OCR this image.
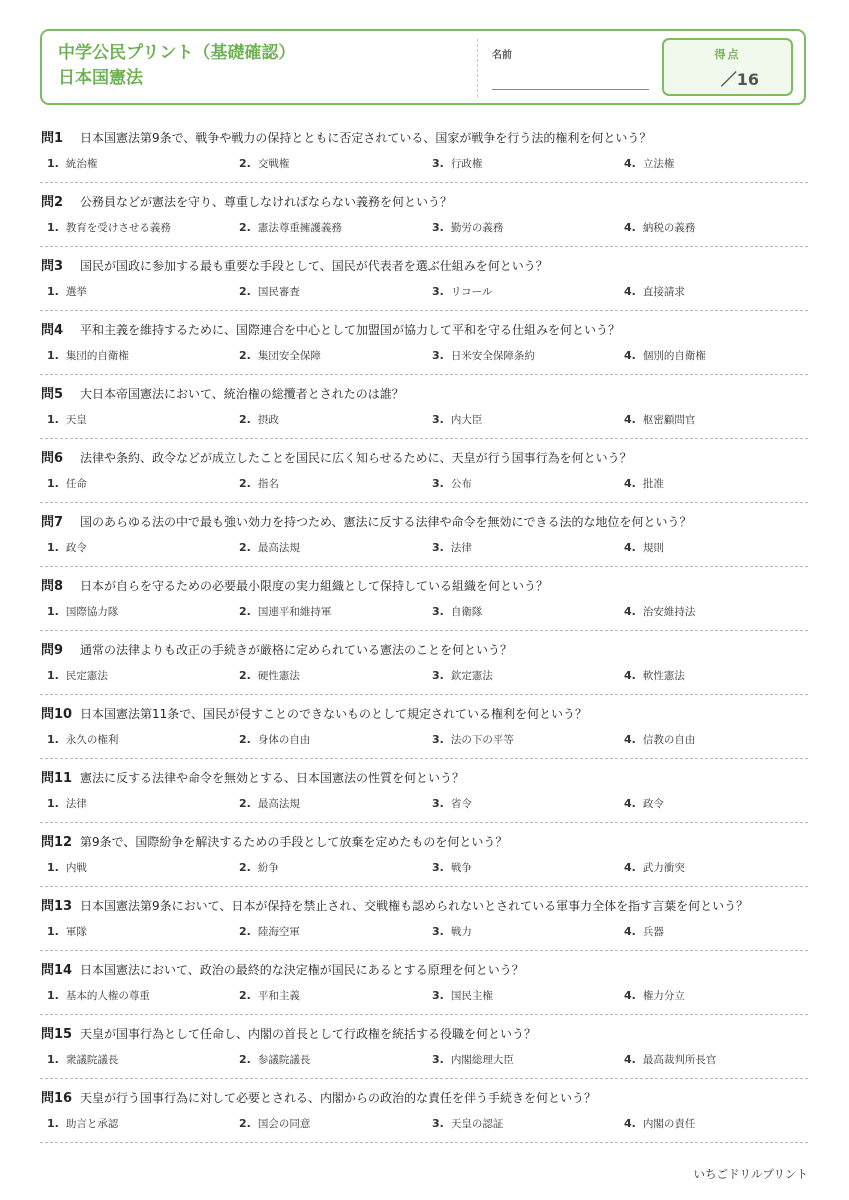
中学公民プリント（基礎確認）
日本国憲法
名前	得点
／16
問1 日本国憲法第9条で、戦争や戦力の保持とともに否定されている、国家が戦争を行う法的権利を何という？
1. 統治権	2. 交戦権	3. 行政権	4. 立法権
問2 公務員などが憲法を守り、尊重しなければならない義務を何という？
1. 教育を受けさせる義務	2. 憲法尊重擁護義務	3. 勤労の義務	4. 納税の義務
問3 国民が国政に参加する最も重要な手段として、国民が代表者を選ぶ仕組みを何という？
1. 選挙	2. 国民審査	3. リコール	4. 直接請求
問4 平和主義を維持するために、国際連合を中心として加盟国が協力して平和を守る仕組みを何という？
1. 集団的自衛権	2. 集団安全保障	3. 日米安全保障条約	4. 個別的自衛権
問5 大日本帝国憲法において、統治権の総攬者とされたのは誰？
1. 天皇	2. 摂政	3. 内大臣	4. 枢密顧問官
問6 法律や条約、政令などが成立したことを国民に広く知らせるために、天皇が行う国事行為を何という？
1. 任命	2. 指名	3. 公布	4. 批准
問7 国のあらゆる法の中で最も強い効力を持つため、憲法に反する法律や命令を無効にできる法的な地位を何という？
1. 政令	2. 最高法規	3. 法律	4. 規則
問8 日本が自らを守るための必要最小限度の実力組織として保持している組織を何という？
1. 国際協力隊	2. 国連平和維持軍	3. 自衛隊	4. 治安維持法
問9 通常の法律よりも改正の手続きが厳格に定められている憲法のことを何という？
1. 民定憲法	2. 硬性憲法	3. 欽定憲法	4. 軟性憲法
問10 日本国憲法第11条で、国民が侵すことのできないものとして規定されている権利を何という？
1. 永久の権利	2. 身体の自由	3. 法の下の平等	4. 信教の自由
問11 憲法に反する法律や命令を無効とする、日本国憲法の性質を何という？
1. 法律	2. 最高法規	3. 省令	4. 政令
問12 第9条で、国際紛争を解決するための手段として放棄を定めたものを何という？
1. 内戦	2. 紛争	3. 戦争	4. 武力衝突
問13 日本国憲法第9条において、日本が保持を禁止され、交戦権も認められないとされている軍事力全体を指す言葉を何という？
1. 軍隊	2. 陸海空軍	3. 戦力	4. 兵器
問14 日本国憲法において、政治の最終的な決定権が国民にあるとする原理を何という？
1. 基本的人権の尊重	2. 平和主義	3. 国民主権	4. 権力分立
問15 天皇が国事行為として任命し、内閣の首長として行政権を統括する役職を何という？
1. 衆議院議長	2. 参議院議長	3. 内閣総理大臣	4. 最高裁判所長官
問16 天皇が行う国事行為に対して必要とされる、内閣からの政治的な責任を伴う手続きを何という？
1. 助言と承認	2. 国会の同意	3. 天皇の認証	4. 内閣の責任
いちごドリルプリント
